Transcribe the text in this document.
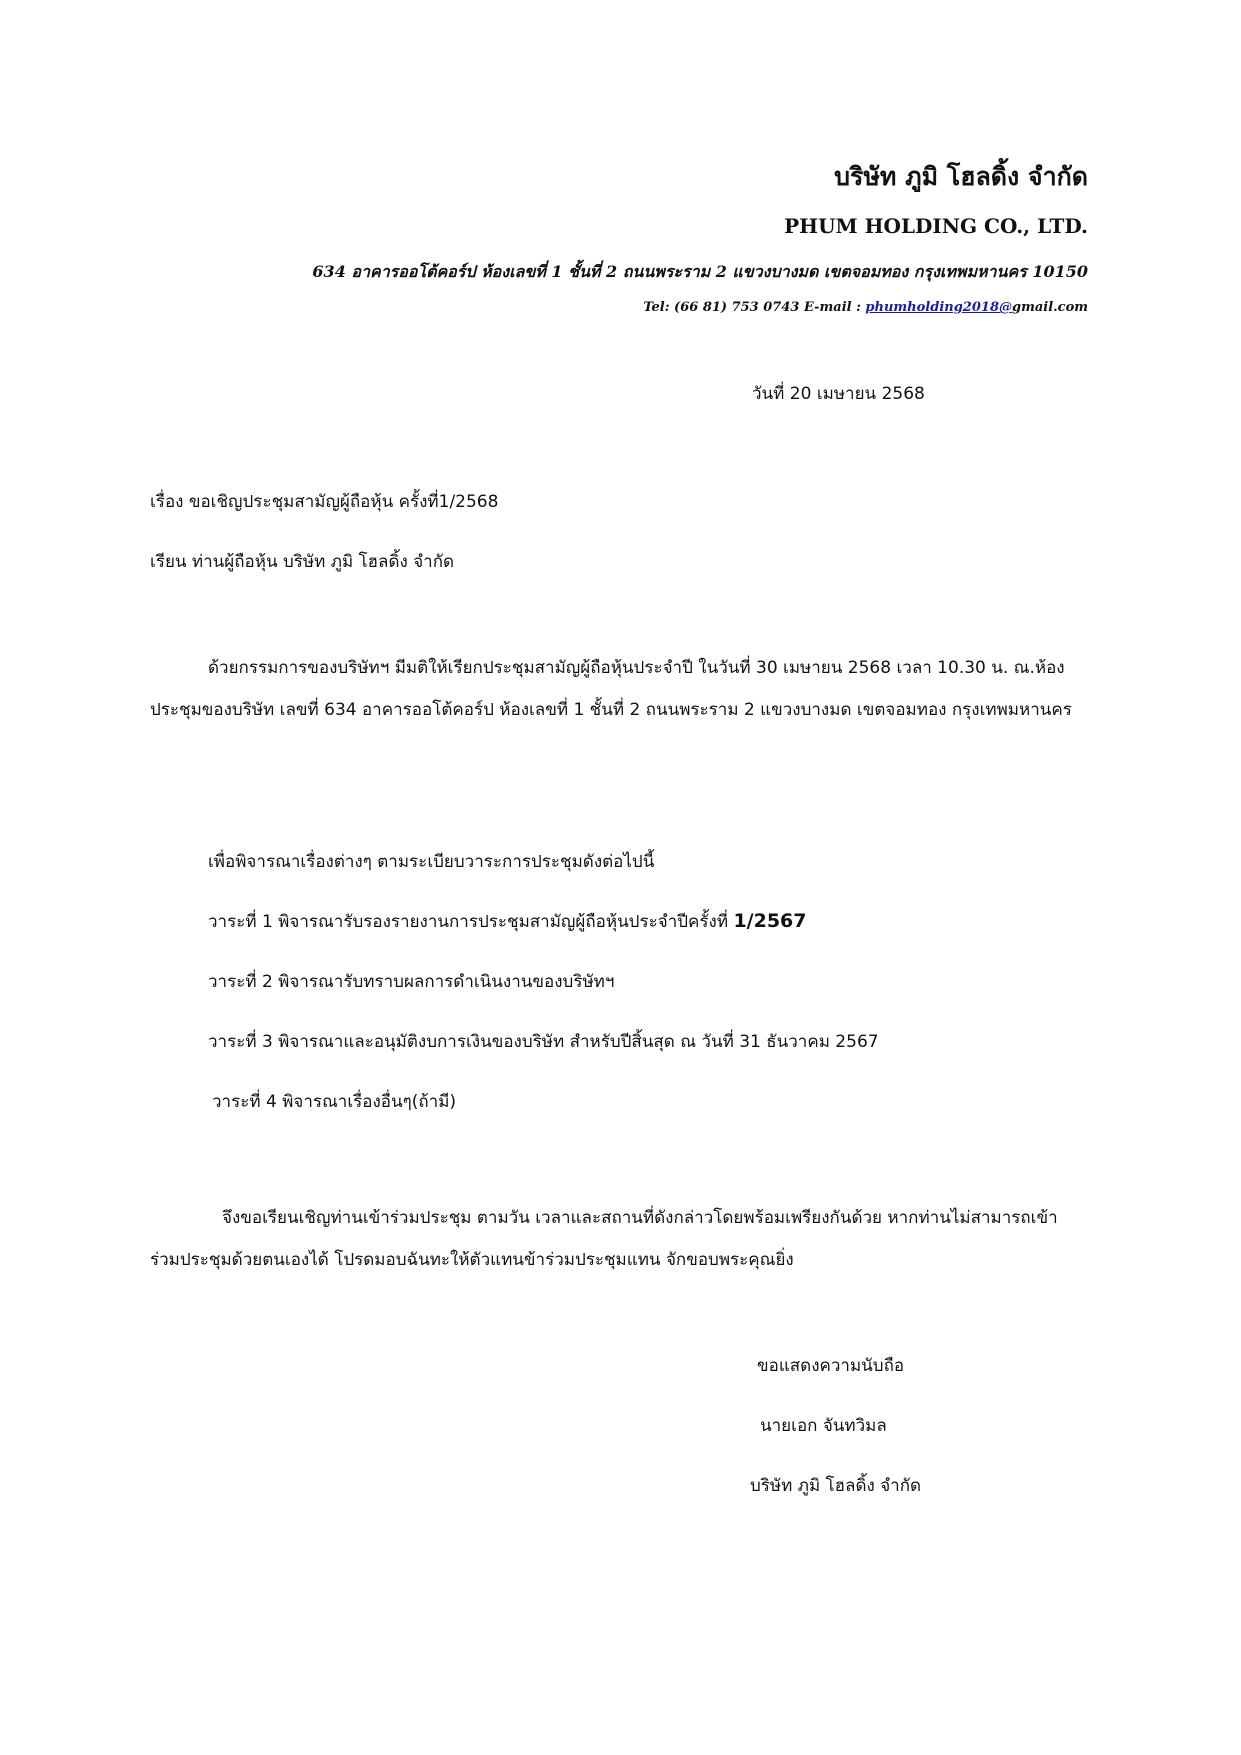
บริษัท ภูมิ โฮลดิ้ง จำกัด
PHUM HOLDING CO., LTD.
634 อาคารออโต้คอร์ป ห้องเลขที่ 1 ชั้นที่ 2 ถนนพระราม 2 แขวงบางมด เขตจอมทอง กรุงเทพมหานคร 10150
Tel: (66 81) 753 0743 E-mail : phumholding2018@gmail.com
วันที่ 20 เมษายน 2568
เรื่อง ขอเชิญประชุมสามัญผู้ถือหุ้น ครั้งที่1/2568
เรียน ท่านผู้ถือหุ้น บริษัท ภูมิ โฮลดิ้ง จำกัด
ด้วยกรรมการของบริษัทฯ มีมติให้เรียกประชุมสามัญผู้ถือหุ้นประจำปี ในวันที่ 30 เมษายน 2568 เวลา 10.30 น. ณ.ห้องประชุมของบริษัท เลขที่ 634 อาคารออโต้คอร์ป ห้องเลขที่ 1 ชั้นที่ 2 ถนนพระราม 2 แขวงบางมด เขตจอมทอง กรุงเทพมหานคร
เพื่อพิจารณาเรื่องต่างๆ ตามระเบียบวาระการประชุมดังต่อไปนี้
วาระที่ 1 พิจารณารับรองรายงานการประชุมสามัญผู้ถือหุ้นประจำปีครั้งที่ 1/2567
วาระที่ 2 พิจารณารับทราบผลการดำเนินงานของบริษัทฯ
วาระที่ 3 พิจารณาและอนุมัติงบการเงินของบริษัท สำหรับปีสิ้นสุด ณ วันที่ 31 ธันวาคม 2567
วาระที่ 4 พิจารณาเรื่องอื่นๆ(ถ้ามี)
จึงขอเรียนเชิญท่านเข้าร่วมประชุม ตามวัน เวลาและสถานที่ดังกล่าวโดยพร้อมเพรียงกันด้วย หากท่านไม่สามารถเข้าร่วมประชุมด้วยตนเองได้ โปรดมอบฉันทะให้ตัวแทนข้าร่วมประชุมแทน จักขอบพระคุณยิ่ง
ขอแสดงความนับถือ
นายเอก จันทวิมล
บริษัท ภูมิ โฮลดิ้ง จำกัด
